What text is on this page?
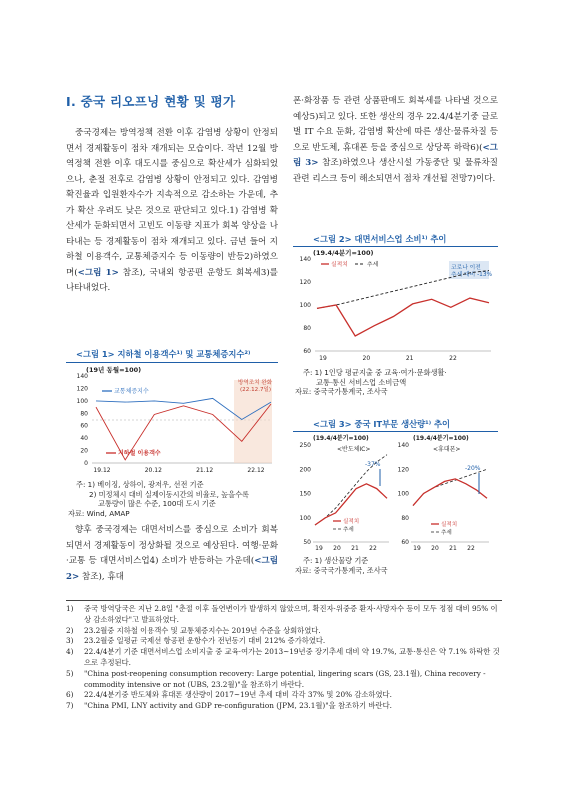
Ⅰ. 중국 리오프닝 현황 및 평가

중국경제는 방역정책 전환 이후 감염병 상황이 안정되면서 경제활동이 점차 재개되는 모습이다. 작년 12월 방역정책 전환 이후 대도시를 중심으로 확산세가 심화되었으나, 춘절 전후로 감염병 상황이 안정되고 있다. 감염병 확진율과 입원환자수가 지속적으로 감소하는 가운데, 추가 확산 우려도 낮은 것으로 판단되고 있다.1) 감염병 확산세가 둔화되면서 고빈도 이동량 지표가 회복 양상을 나타내는 등 경제활동이 점차 재개되고 있다. 금년 들어 지하철 이용객수, 교통체증지수 등 이동량이 반등2)하였으며(<그림 1> 참조), 국내외 항공편 운항도 회복세3)를 나타내었다.

<그림 1> 지하철 이용객수¹⁾ 및 교통체증지수²⁾
(19년 동월=100)
140
120
100
80
60
40
20
0
19.12	20.12	21.12	22.12
방역조치 완화
(22.12.7일)
교통체증지수
지하철 이용객수
주: 1) 베이징, 상하이, 광저우, 선전 기준
2) 미정체시 대비 실제이동시간의 비율로, 높을수록
교통량이 많은 수준, 100대 도시 기준
자료: Wind, AMAP

향후 중국경제는 대면서비스를 중심으로 소비가 회복되면서 경제활동이 정상화될 것으로 예상된다. 여행·문화·교통 등 대면서비스업4) 소비가 반등하는 가운데(<그림 2> 참조), 휴대

폰·화장품 등 관련 상품판매도 회복세를 나타낼 것으로 예상5)되고 있다. 또한 생산의 경우 22.4/4분기중 글로벌 IT 수요 둔화, 감염병 확산에 따른 생산·물류차질 등으로 반도체, 휴대폰 등을 중심으로 상당폭 하락6)(<그림 3> 참조)하였으나 생산시설 가동중단 및 물류차질 관련 리스크 등이 해소되면서 점차 개선될 전망7)이다.

<그림 2> 대면서비스업 소비¹⁾ 추이
(19.4/4분기=100)
140
120
100
80
60
19	20	21	22
코로나 이전
추세 대비 -13%
실적치	추세
주: 1) 1인당 평균지출 중 교육·여가·문화생활·
교통·통신 서비스업 소비금액
자료: 중국국가통계국, 조사국
<그림 3> 중국 IT부문 생산량¹⁾ 추이
(19.4/4분기=100)	(19.4/4분기=100)
<반도체IC>	<휴대폰>
250
200
150
100
50
140
120
100
80
60
19 20 21 22	19 20 21 22
-37%
-20%
실적치
추세
실적치
추세
주: 1) 생산물량 기준
자료: 중국국가통계국, 조사국
1)	중국 방역당국은 지난 2.8일 "춘절 이후 돌연변이가 발생하지 않았으며, 확진자·위중증 환자·사망자수 등이 모두 정점 대비 95% 이상 감소하였다"고 발표하였다.
2)	23.2월중 지하철 이용객수 및 교통체증지수는 2019년 수준을 상회하였다.
3)	23.2월중 일평균 국제선 항공편 운항수가 전년동기 대비 212% 증가하였다.
4)	22.4/4분기 기준 대면서비스업 소비지출 중 교육·여가는 2013~19년중 장기추세 대비 약 19.7%, 교통·통신은 약 7.1% 하락한 것으로 추정된다.
5)	"China post-reopening consumption recovery: Large potential, lingering scars (GS, 23.1월), China recovery - commodity intensive or not (UBS, 23.2월)"을 참조하기 바란다.
6)	22.4/4분기중 반도체와 휴대폰 생산량이 2017~19년 추세 대비 각각 37% 및 20% 감소하였다.
7)	"China PMI, LNY activity and GDP re-configuration (JPM, 23.1월)"을 참조하기 바란다.
